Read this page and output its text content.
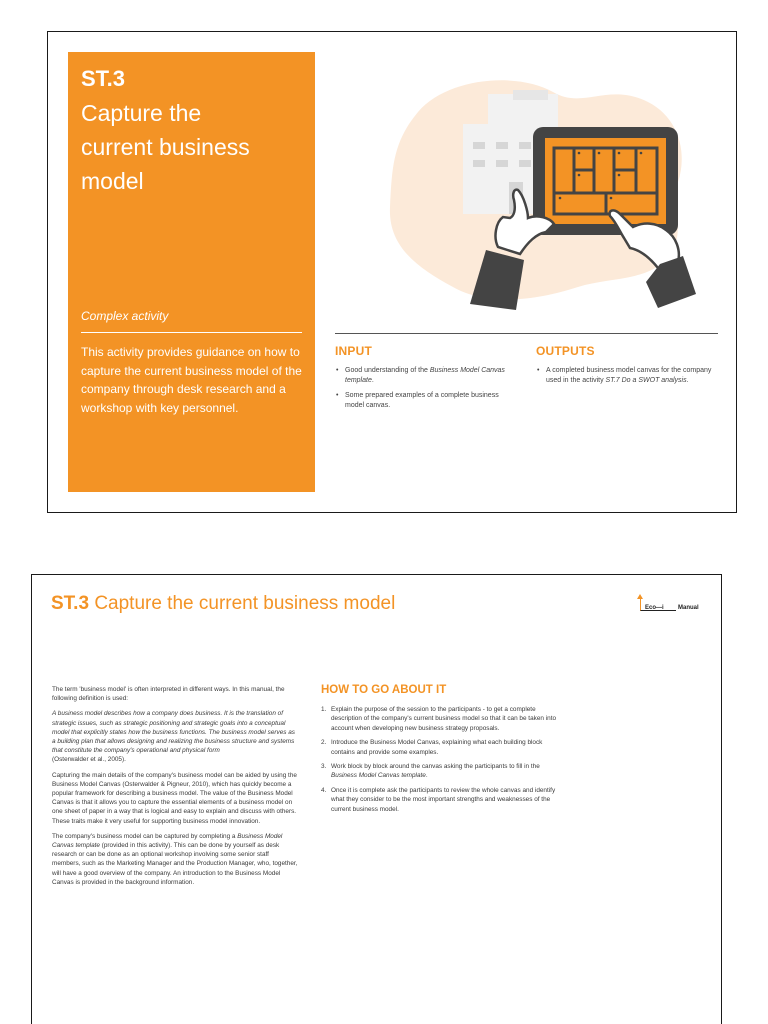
ST.3
Capture the
current business
model
Complex activity
This activity provides guidance on how to capture the current business model of the company through desk research and a workshop with key personnel.
INPUT
• Good understanding of the Business Model Canvas template.
• Some prepared examples of a complete business model canvas.
OUTPUTS
• A completed business model canvas for the company used in the activity ST.7 Do a SWOT analysis.
ST.3 Capture the current business model	Eco—i Manual

The term 'business model' is often interpreted in different ways. In this manual, the following definition is used:

A business model describes how a company does business. It is the translation of strategic issues, such as strategic positioning and strategic goals into a conceptual model that explicitly states how the business functions. The business model serves as a building plan that allows designing and realizing the business structure and systems that constitute the company's operational and physical form

(Osterwalder et al., 2005).

Capturing the main details of the company's business model can be aided by using the Business Model Canvas (Osterwalder & Pigneur, 2010), which has quickly become a popular framework for describing a business model. The value of the Business Model Canvas is that it allows you to capture the essential elements of a business model on one sheet of paper in a way that is logical and easy to explain and discuss with others. These traits make it very useful for supporting business model innovation.

The company's business model can be captured by completing a Business Model Canvas template (provided in this activity). This can be done by yourself as desk research or can be done as an optional workshop involving some senior staff members, such as the Marketing Manager and the Production Manager, who, together, will have a good overview of the company. An introduction to the Business Model Canvas is provided in the background information.

HOW TO GO ABOUT IT
1. Explain the purpose of the session to the participants - to get a complete description of the company's current business model so that it can be taken into account when developing new business strategy proposals.
2. Introduce the Business Model Canvas, explaining what each building block contains and provide some examples.
3. Work block by block around the canvas asking the participants to fill in the Business Model Canvas template.
4. Once it is complete ask the participants to review the whole canvas and identify what they consider to be the most important strengths and weaknesses of the current business model.
